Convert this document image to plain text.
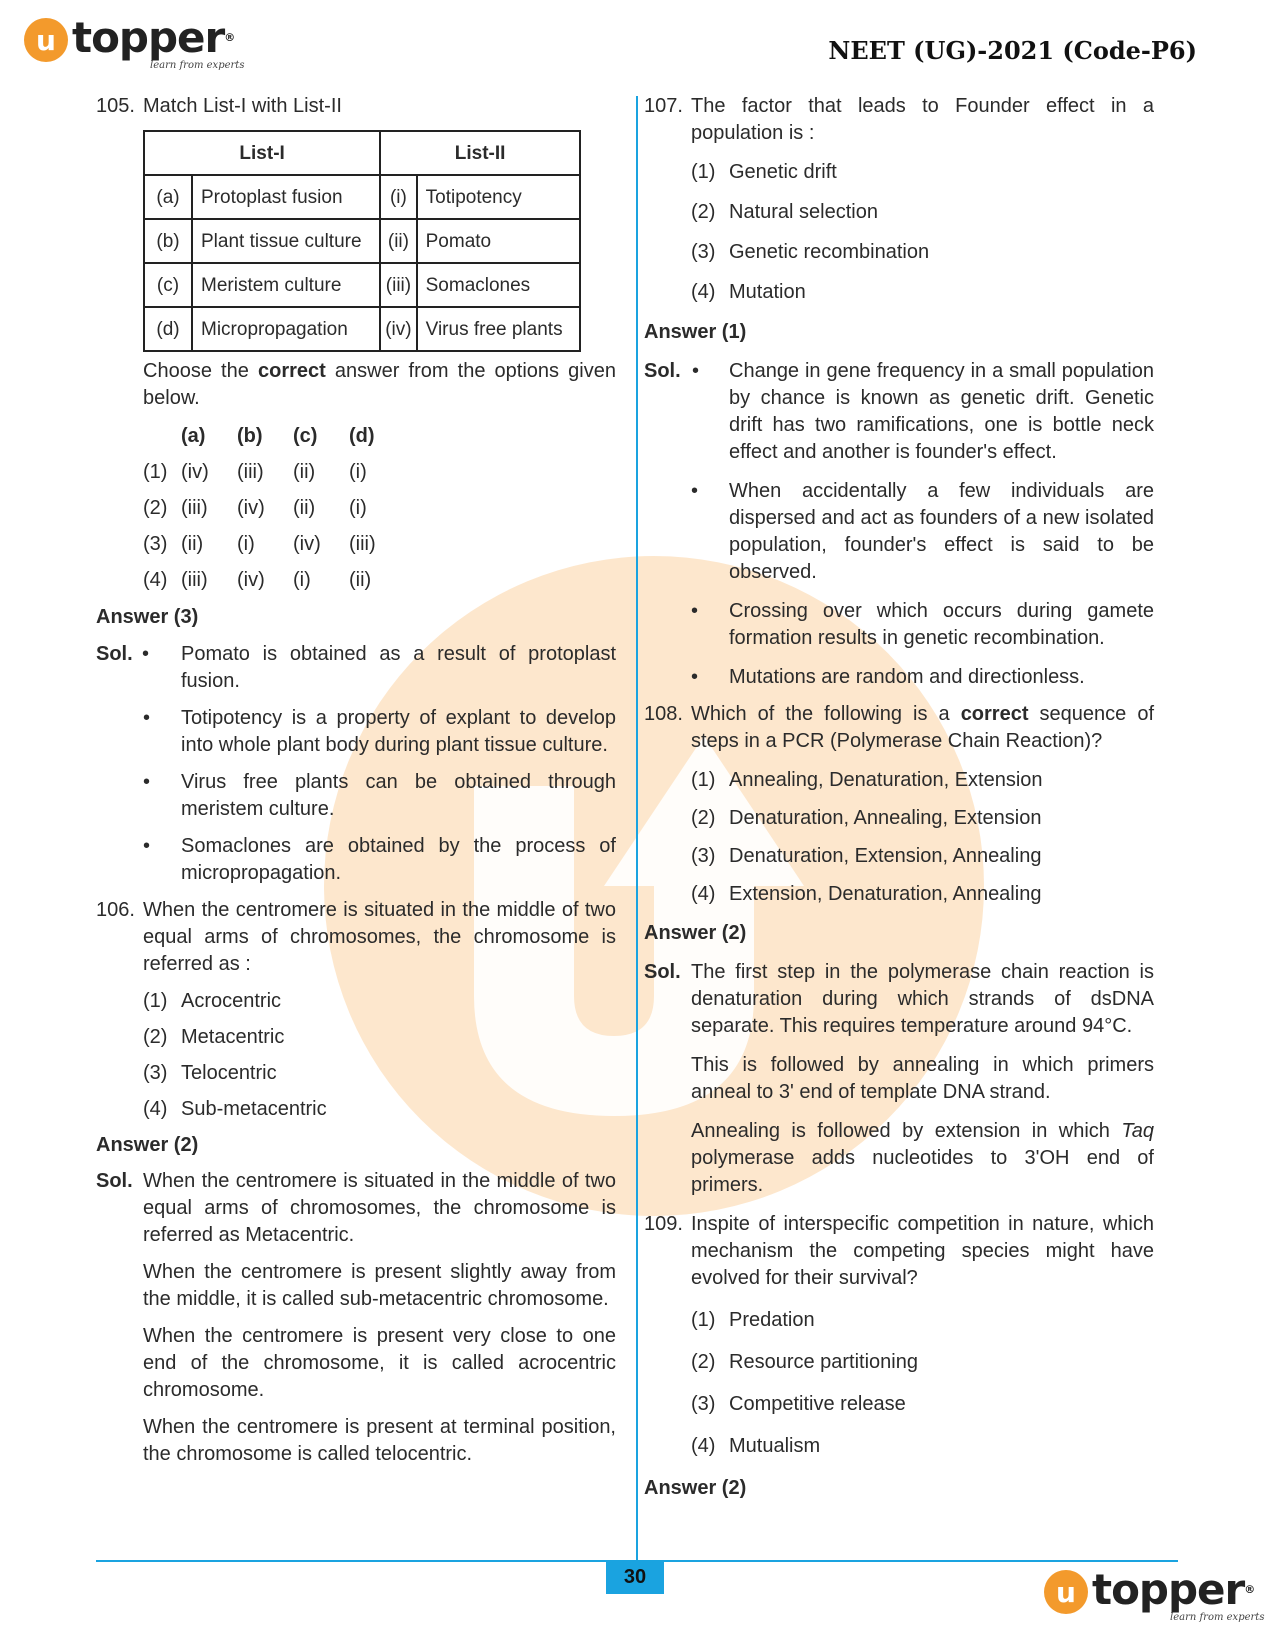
u topper®
learn from experts
NEET (UG)-2021 (Code-P6)
105. Match List-I with List-II
List-I		List-II	
(a)	Protoplast fusion	(i)	Totipotency
(b)	Plant tissue culture	(ii)	Pomato
(c)	Meristem culture	(iii)	Somaclones
(d)	Micropropagation	(iv)	Virus free plants
Choose the correct answer from the options given below.
(a)	(b)	(c)	(d)
(1) (iv)	(iii)	(ii)	(i)
(2) (iii)	(iv)	(ii)	(i)
(3) (ii)	(i)	(iv)	(iii)
(4) (iii)	(iv)	(i)	(ii)
Answer (3)
Sol. • Pomato is obtained as a result of protoplast fusion.
• Totipotency is a property of explant to develop into whole plant body during plant tissue culture.
• Virus free plants can be obtained through meristem culture.
• Somaclones are obtained by the process of micropropagation.
106. When the centromere is situated in the middle of two equal arms of chromosomes, the chromosome is referred as :
(1) Acrocentric
(2) Metacentric
(3) Telocentric
(4) Sub-metacentric
Answer (2)
Sol. When the centromere is situated in the middle of two equal arms of chromosomes, the chromosome is referred as Metacentric.
When the centromere is present slightly away from the middle, it is called sub-metacentric chromosome.
When the centromere is present very close to one end of the chromosome, it is called acrocentric chromosome.
When the centromere is present at terminal position, the chromosome is called telocentric.
107. The factor that leads to Founder effect in a population is :
(1) Genetic drift
(2) Natural selection
(3) Genetic recombination
(4) Mutation
Answer (1)
Sol. • Change in gene frequency in a small population by chance is known as genetic drift. Genetic drift has two ramifications, one is bottle neck effect and another is founder's effect.
• When accidentally a few individuals are dispersed and act as founders of a new isolated population, founder's effect is said to be observed.
• Crossing over which occurs during gamete formation results in genetic recombination.
• Mutations are random and directionless.
108. Which of the following is a correct sequence of steps in a PCR (Polymerase Chain Reaction)?
(1) Annealing, Denaturation, Extension
(2) Denaturation, Annealing, Extension
(3) Denaturation, Extension, Annealing
(4) Extension, Denaturation, Annealing
Answer (2)
Sol. The first step in the polymerase chain reaction is denaturation during which strands of dsDNA separate. This requires temperature around 94°C.
This is followed by annealing in which primers anneal to 3' end of template DNA strand.
Annealing is followed by extension in which Taq polymerase adds nucleotides to 3'OH end of primers.
109. Inspite of interspecific competition in nature, which mechanism the competing species might have evolved for their survival?
(1) Predation
(2) Resource partitioning
(3) Competitive release
(4) Mutualism
Answer (2)
30	u topper®
learn from experts
